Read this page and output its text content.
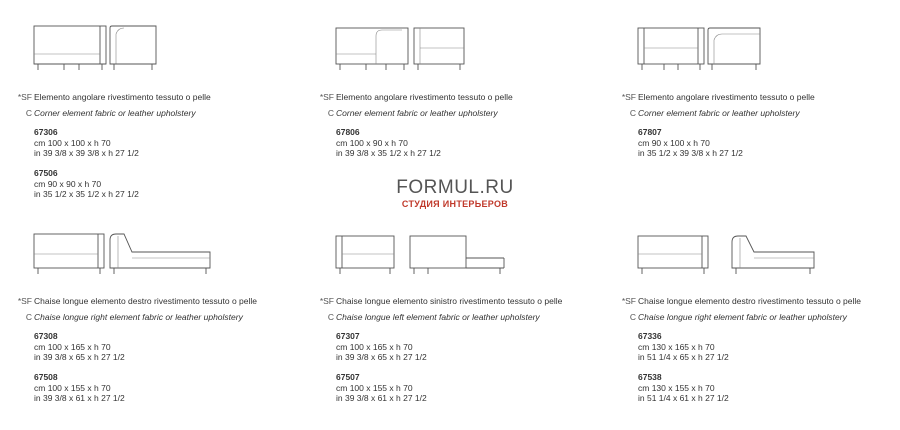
*SF Elemento angolare rivestimento tessuto o pelle
C Corner element fabric or leather upholstery
67306
cm 100 x 100 x h 70
in 39 3/8 x 39 3/8 x h 27 1/2
67506
cm 90 x 90 x h 70
in 35 1/2 x 35 1/2 x h 27 1/2
*SF Elemento angolare rivestimento tessuto o pelle
C Corner element fabric or leather upholstery
67806
cm 100 x 90 x h 70
in 39 3/8 x 35 1/2 x h 27 1/2
*SF Elemento angolare rivestimento tessuto o pelle
C Corner element fabric or leather upholstery
67807
cm 90 x 100 x h 70
in 35 1/2 x 39 3/8 x h 27 1/2
FORMUL.RU
СТУДИЯ ИНТЕРЬЕРОВ
*SF Chaise longue elemento destro rivestimento tessuto o pelle
C Chaise longue right element fabric or leather upholstery
67308
cm 100 x 165 x h 70
in 39 3/8 x 65 x h 27 1/2
67508
cm 100 x 155 x h 70
in 39 3/8 x 61 x h 27 1/2
*SF Chaise longue elemento sinistro rivestimento tessuto o pelle
C Chaise longue left element fabric or leather upholstery
67307
cm 100 x 165 x h 70
in 39 3/8 x 65 x h 27 1/2
67507
cm 100 x 155 x h 70
in 39 3/8 x 61 x h 27 1/2
*SF Chaise longue elemento destro rivestimento tessuto o pelle
C Chaise longue right element fabric or leather upholstery
67336
cm 130 x 165 x h 70
in 51 1/4 x 65 x h 27 1/2
67538
cm 130 x 155 x h 70
in 51 1/4 x 61 x h 27 1/2
